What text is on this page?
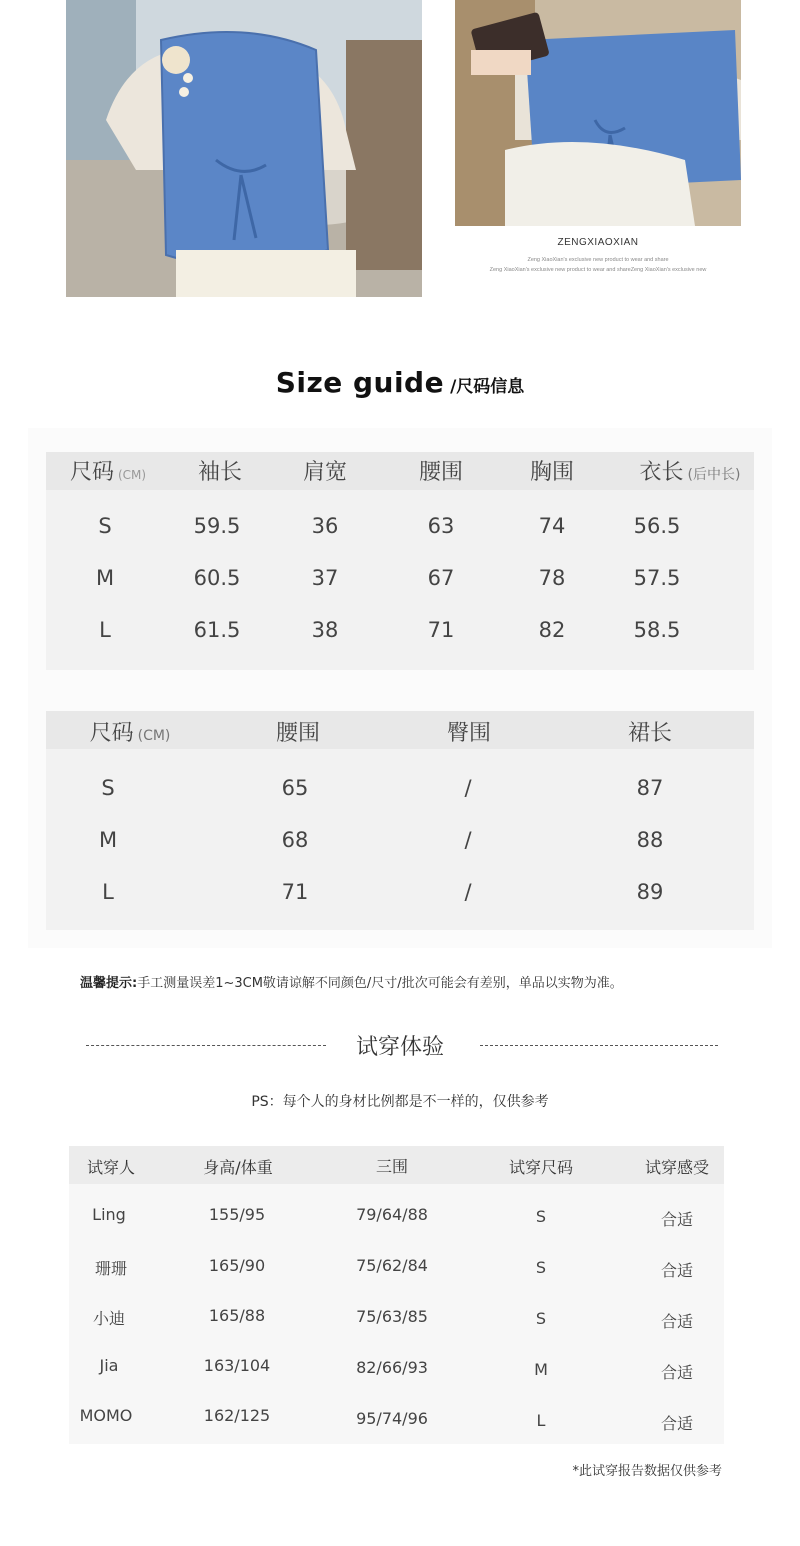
ZENGXIAOXIAN
Zeng XiaoXian's exclusive new product to wear and share
Zeng XiaoXian's exclusive new product to wear and shareZeng XiaoXian's exclusive new
Size guide /尺码信息
尺码 (CM) 袖长	肩宽	腰围	胸围	衣长 (后中长)
S	59.5	36	63	74	56.5
M	60.5	37	67	78	57.5
L	61.5	38	71	82	58.5
尺码 (CM)	腰围	臀围	裙长
S	65	/	87
M	68	/	88
L	71	/	89
温馨提示:手工测量误差1~3CM敬请谅解不同颜色/尺寸/批次可能会有差别，单品以实物为准。
试穿体验
PS：每个人的身材比例都是不一样的，仅供参考
试穿人	身高/体重	三围	试穿尺码	试穿感受
Ling	155/95	79/64/88	S	合适
珊珊	165/90	75/62/84	S	合适
小迪	165/88	75/63/85	S	合适
Jia	163/104	82/66/93	M	合适
MOMO	162/125	95/74/96	L	合适
*此试穿报告数据仅供参考
